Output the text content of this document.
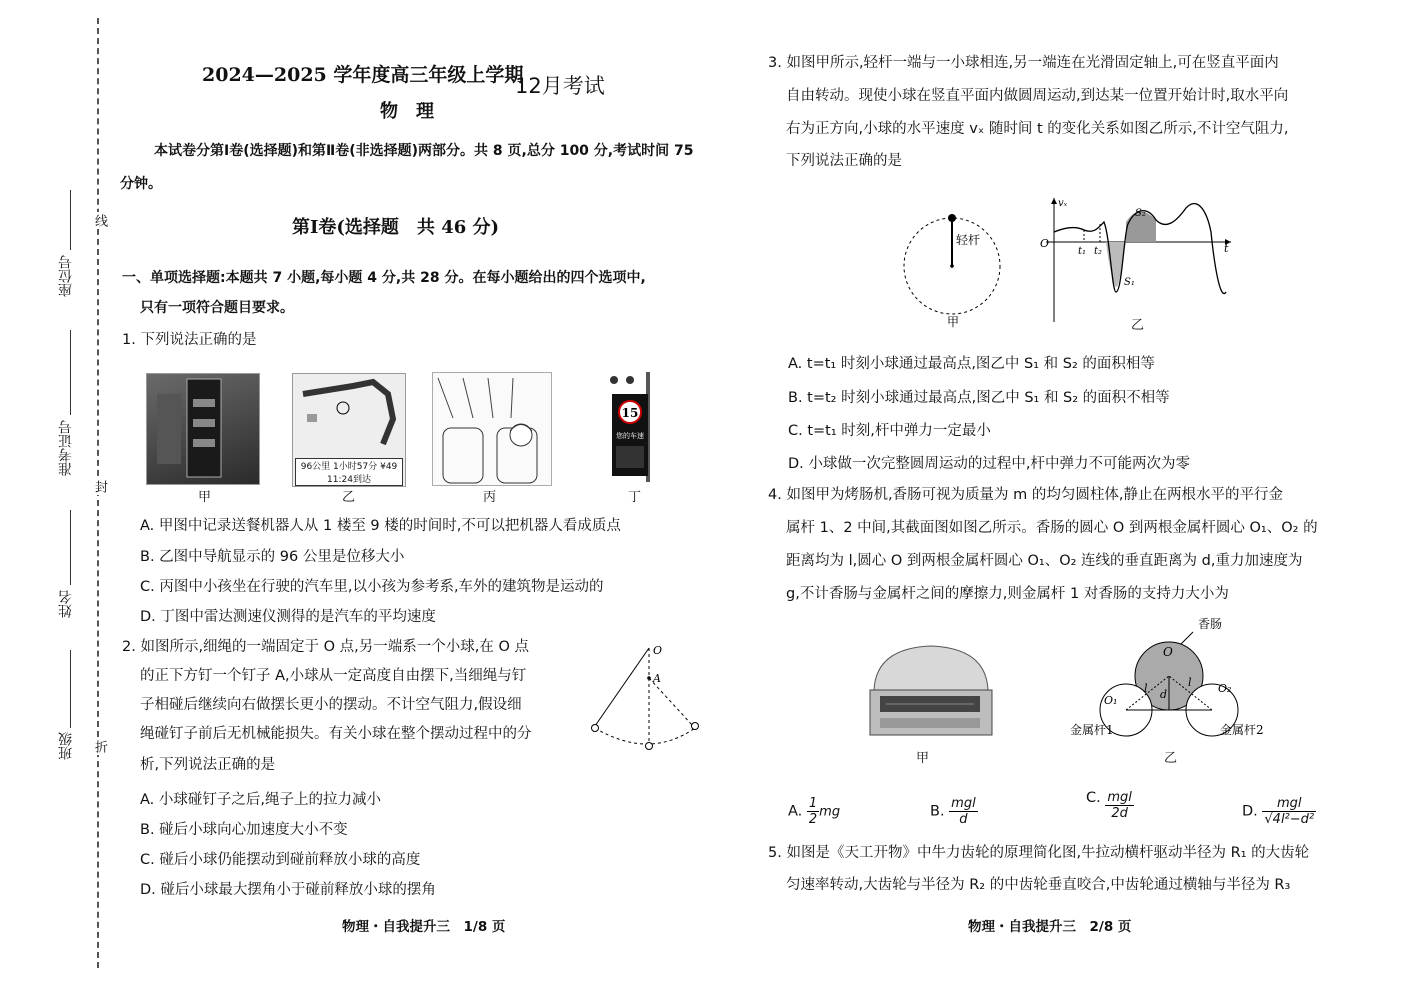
座位号
准考证号
姓名
班级
线
封
折
2024—2025 学年度高三年级上学期
12月考试
物　理
本试卷分第Ⅰ卷(选择题)和第Ⅱ卷(非选择题)两部分。共 8 页,总分 100 分,考试时间 75 分钟。
第Ⅰ卷(选择题　共 46 分)
一、单项选择题:本题共 7 小题,每小题 4 分,共 28 分。在每小题给出的四个选项中,
只有一项符合题目要求。
1. 下列说法正确的是
甲
96公里 1小时57分 ¥49
11:24到达
乙	丙
15
您的车速
丁
A. 甲图中记录送餐机器人从 1 楼至 9 楼的时间时,不可以把机器人看成质点
B. 乙图中导航显示的 96 公里是位移大小
C. 丙图中小孩坐在行驶的汽车里,以小孩为参考系,车外的建筑物是运动的
D. 丁图中雷达测速仪测得的是汽车的平均速度
2. 如图所示,细绳的一端固定于 O 点,另一端系一个小球,在 O 点
的正下方钉一个钉子 A,小球从一定高度自由摆下,当细绳与钉
子相碰后继续向右做摆长更小的摆动。不计空气阻力,假设细
绳碰钉子前后无机械能损失。有关小球在整个摆动过程中的分
析,下列说法正确的是
O
A
A. 小球碰钉子之后,绳子上的拉力减小
B. 碰后小球向心加速度大小不变
C. 碰后小球仍能摆动到碰前释放小球的高度
D. 碰后小球最大摆角小于碰前释放小球的摆角
物理・自我提升三　1/8 页
3. 如图甲所示,轻杆一端与一小球相连,另一端连在光滑固定轴上,可在竖直平面内
自由转动。现使小球在竖直平面内做圆周运动,到达某一位置开始计时,取水平向
右为正方向,小球的水平速度 vₓ 随时间 t 的变化关系如图乙所示,不计空气阻力,
下列说法正确的是
轻杆
甲
vₓ
t
O
t₁ t₂
S₁
S₂
乙
A. t=t₁ 时刻小球通过最高点,图乙中 S₁ 和 S₂ 的面积相等
B. t=t₂ 时刻小球通过最高点,图乙中 S₁ 和 S₂ 的面积不相等
C. t=t₁ 时刻,杆中弹力一定最小
D. 小球做一次完整圆周运动的过程中,杆中弹力不可能两次为零
4. 如图甲为烤肠机,香肠可视为质量为 m 的均匀圆柱体,静止在两根水平的平行金
属杆 1、2 中间,其截面图如图乙所示。香肠的圆心 O 到两根金属杆圆心 O₁、O₂ 的
距离均为 l,圆心 O 到两根金属杆圆心 O₁、O₂ 连线的垂直距离为 d,重力加速度为
g,不计香肠与金属杆之间的摩擦力,则金属杆 1 对香肠的支持力大小为
甲
香肠
O
O₁
O₂
l	l
d
金属杆1	金属杆2
乙
A. $\frac{1}{2}$ mg	B. $\frac{\text{mgl}}{d}$	C. $\frac{\text{mgl}}{2d}$	D. $\frac{\text{mgl}}{\text{√4l²−d²}}$
5. 如图是《天工开物》中牛力齿轮的原理简化图,牛拉动横杆驱动半径为 R₁ 的大齿轮
匀速率转动,大齿轮与半径为 R₂ 的中齿轮垂直咬合,中齿轮通过横轴与半径为 R₃
物理・自我提升三　2/8 页
